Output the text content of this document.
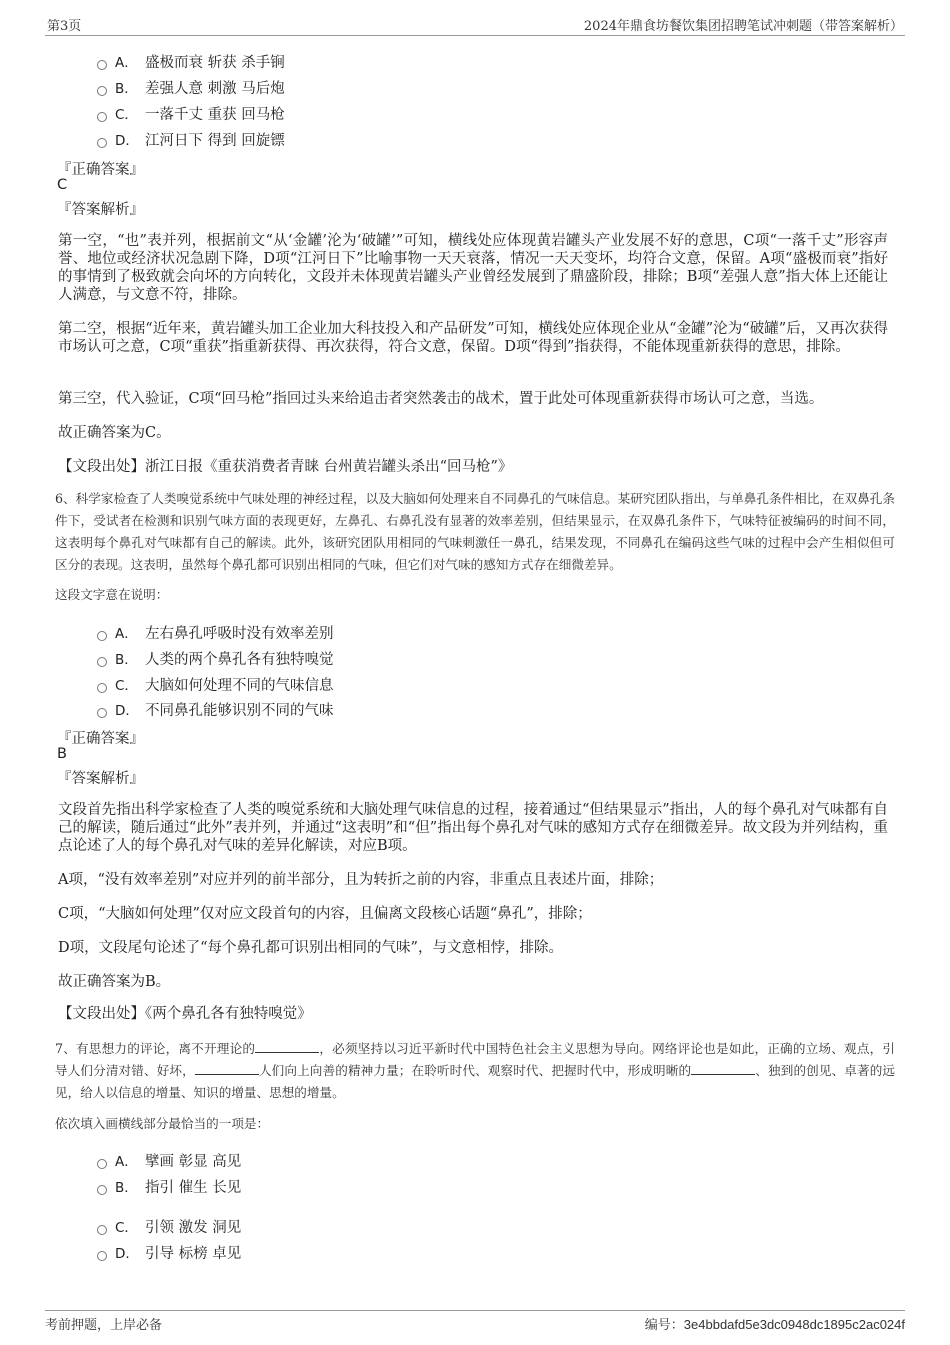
第3页	2024年鼎食坊餐饮集团招聘笔试冲刺题（带答案解析）
A． 盛极而衰 斩获 杀手锏
B． 差强人意 刺激 马后炮
C． 一落千丈 重获 回马枪
D． 江河日下 得到 回旋镖
『正确答案』
C
『答案解析』
第一空，“也”表并列，根据前文“从‘金罐’沦为‘破罐’”可知，横线处应体现黄岩罐头产业发展不好的意思，C项“一落千丈”形容声誉、地位或经济状况急剧下降，D项“江河日下”比喻事物一天天衰落，情况一天天变坏，均符合文意，保留。A项“盛极而衰”指好的事情到了极致就会向坏的方向转化，文段并未体现黄岩罐头产业曾经发展到了鼎盛阶段，排除；B项“差强人意”指大体上还能让人满意，与文意不符，排除。
第二空，根据“近年来，黄岩罐头加工企业加大科技投入和产品研发”可知，横线处应体现企业从“金罐”沦为“破罐”后，又再次获得市场认可之意，C项“重获”指重新获得、再次获得，符合文意，保留。D项“得到”指获得，不能体现重新获得的意思，排除。
第三空，代入验证，C项“回马枪”指回过头来给追击者突然袭击的战术，置于此处可体现重新获得市场认可之意，当选。
故正确答案为C。
【文段出处】浙江日报《重获消费者青睐 台州黄岩罐头杀出“回马枪”》
6、科学家检查了人类嗅觉系统中气味处理的神经过程，以及大脑如何处理来自不同鼻孔的气味信息。某研究团队指出，与单鼻孔条件相比，在双鼻孔条件下，受试者在检测和识别气味方面的表现更好，左鼻孔、右鼻孔没有显著的效率差别，但结果显示，在双鼻孔条件下，气味特征被编码的时间不同，这表明每个鼻孔对气味都有自己的解读。此外，该研究团队用相同的气味刺激任一鼻孔，结果发现，不同鼻孔在编码这些气味的过程中会产生相似但可区分的表现。这表明，虽然每个鼻孔都可识别出相同的气味，但它们对气味的感知方式存在细微差异。
这段文字意在说明：
A． 左右鼻孔呼吸时没有效率差别
B． 人类的两个鼻孔各有独特嗅觉
C． 大脑如何处理不同的气味信息
D． 不同鼻孔能够识别不同的气味
『正确答案』
B
『答案解析』
文段首先指出科学家检查了人类的嗅觉系统和大脑处理气味信息的过程，接着通过“但结果显示”指出，人的每个鼻孔对气味都有自己的解读，随后通过“此外”表并列，并通过“这表明”和“但”指出每个鼻孔对气味的感知方式存在细微差异。故文段为并列结构，重点论述了人的每个鼻孔对气味的差异化解读，对应B项。
A项，“没有效率差别”对应并列的前半部分，且为转折之前的内容，非重点且表述片面，排除；
C项，“大脑如何处理”仅对应文段首句的内容，且偏离文段核心话题“鼻孔”，排除；
D项，文段尾句论述了“每个鼻孔都可识别出相同的气味”，与文意相悖，排除。
故正确答案为B。
【文段出处】《两个鼻孔各有独特嗅觉》
7、有思想力的评论，离不开理论的	，必须坚持以习近平新时代中国特色社会主义思想为导向。网络评论也是如此，正确的立场、观点，引导人们分清对错、好坏，	人们向上向善的精神力量；在聆听时代、观察时代、把握时代中，形成明晰的	、独到的创见、卓著的远见，给人以信息的增量、知识的增量、思想的增量。
依次填入画横线部分最恰当的一项是：
A． 擘画 彰显 高见
B． 指引 催生 长见
C． 引领 激发 洞见
D． 引导 标榜 卓见
考前押题，上岸必备	编号：3e4bbdafd5e3dc0948dc1895c2ac024f
